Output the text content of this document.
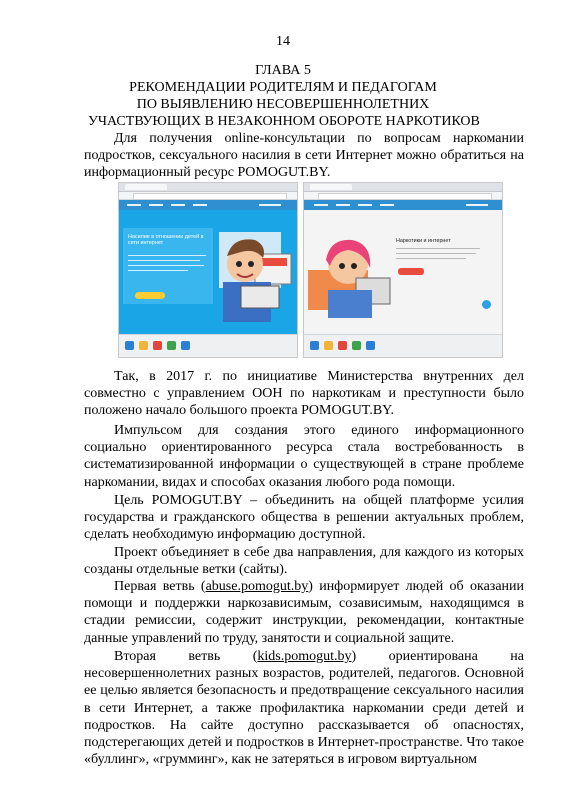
14
ГЛАВА 5
РЕКОМЕНДАЦИИ РОДИТЕЛЯМ И ПЕДАГОГАМ
ПО ВЫЯВЛЕНИЮ НЕСОВЕРШЕННОЛЕТНИХ
УЧАСТВУЮЩИХ В НЕЗАКОННОМ ОБОРОТЕ НАРКОТИКОВ

Для получения online-консультации по вопросам наркомании подростков, сексуального насилия в сети Интернет можно обратиться на информационный ресурс POMOGUT.BY.

Насилие в отношении детей в сети интернет	Наркотики и интернет

Так, в 2017 г. по инициативе Министерства внутренних дел совместно с управлением ООН по наркотикам и преступности было положено начало большого проекта POMOGUT.BY.

Импульсом для создания этого единого информационного социально ориентированного ресурса стала востребованность в систематизированной информации о существующей в стране проблеме наркомании, видах и способах оказания любого рода помощи.

Цель POMOGUT.BY – объединить на общей платформе усилия государства и гражданского общества в решении актуальных проблем, сделать необходимую информацию доступной.

Проект объединяет в себе два направления, для каждого из которых созданы отдельные ветки (сайты).

Первая ветвь (abuse.pomogut.by) информирует людей об оказании помощи и поддержки наркозависимым, созависимым, находящимся в стадии ремиссии, содержит инструкции, рекомендации, контактные данные управлений по труду, занятости и социальной защите.

Вторая ветвь (kids.pomogut.by) ориентирована на несовершеннолетних разных возрастов, родителей, педагогов. Основной ее целью является безопасность и предотвращение сексуального насилия в сети Интернет, а также профилактика наркомании среди детей и подростков. На сайте доступно рассказывается об опасностях, подстерегающих детей и подростков в Интернет-пространстве. Что такое «буллинг», «грумминг», как не затеряться в игровом виртуальном
